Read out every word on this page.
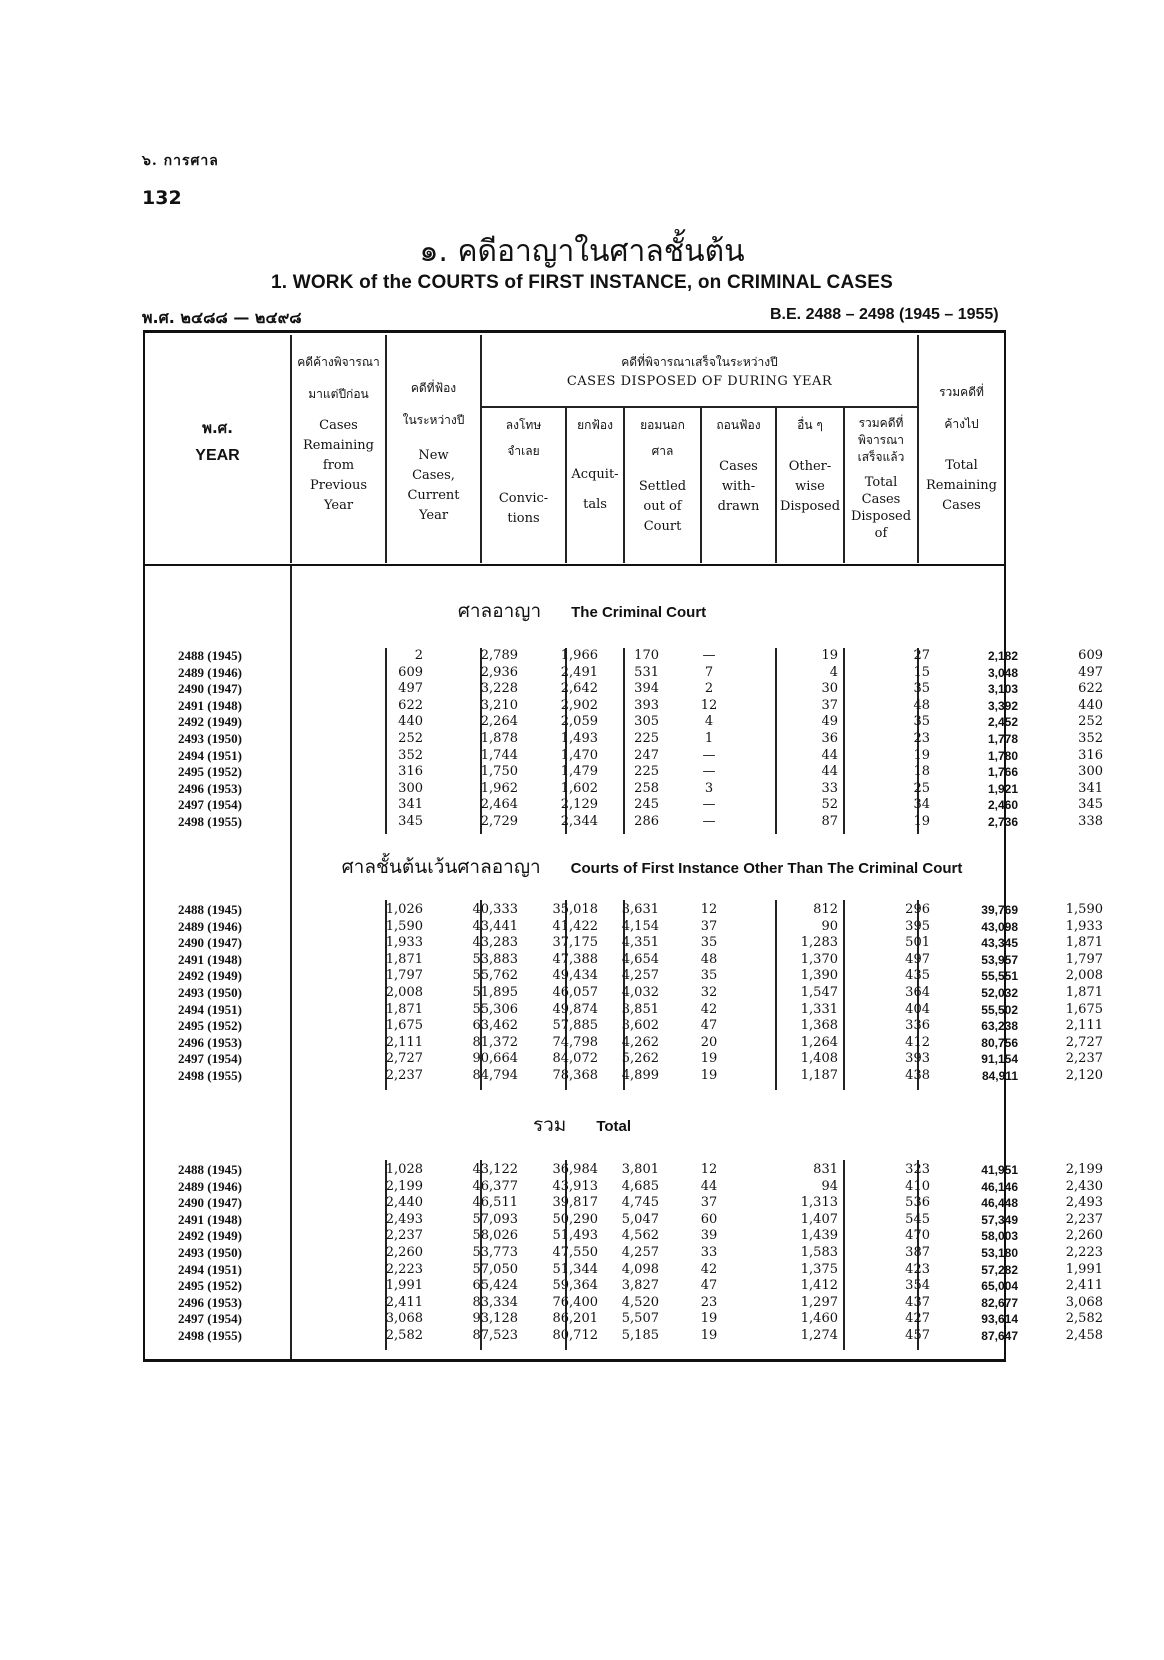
๖. การศาล
132
๑. คดีอาญาในศาลชั้นต้น
1. WORK of the COURTS of FIRST INSTANCE, on CRIMINAL CASES
พ.ศ. ๒๔๘๘ — ๒๔๙๘	B.E. 2488 – 2498 (1945 – 1955)
พ.ศ.
YEAR
คดีค้างพิจารณา
มาแต่ปีก่อน
Cases
Remaining
from
Previous
Year
คดีที่ฟ้อง
ในระหว่างปี
New
Cases,
Current
Year
คดีที่พิจารณาเสร็จในระหว่างปี
CASES DISPOSED OF DURING YEAR
ลงโทษ
จำเลย
Convic-
tions
ยกฟ้อง
Acquit-
tals
ยอมนอก
ศาล
Settled
out of
Court
ถอนฟ้อง
Cases
with-
drawn
อื่น ๆ
Other-
wise
Disposed
รวมคดีที่
พิจารณา
เสร็จแล้ว
Total
Cases
Disposed
of
รวมคดีที่
ค้างไป
Total
Remaining
Cases
ศาลอาญา The Criminal Court
ศาลชั้นต้นเว้นศาลอาญา Courts of First Instance Other Than The Criminal Court
รวม Total
2488 (1945)	2	2,789	1,966	170	—	19	27	2,182	609
2489 (1946)	609	2,936	2,491	531	7	4	15	3,048	497
2490 (1947)	497	3,228	2,642	394	2	30	35	3,103	622
2491 (1948)	622	3,210	2,902	393	12	37	48	3,392	440
2492 (1949)	440	2,264	2,059	305	4	49	35	2,452	252
2493 (1950)	252	1,878	1,493	225	1	36	23	1,778	352
2494 (1951)	352	1,744	1,470	247	—	44	19	1,780	316
2495 (1952)	316	1,750	1,479	225	—	44	18	1,766	300
2496 (1953)	300	1,962	1,602	258	3	33	25	1,921	341
2497 (1954)	341	2,464	2,129	245	—	52	34	2,460	345
2498 (1955)	345	2,729	2,344	286	—	87	19	2,736	338
2488 (1945)	1,026	40,333	35,018	3,631	12	812	296	39,769	1,590
2489 (1946)	1,590	43,441	41,422	4,154	37	90	395	43,098	1,933
2490 (1947)	1,933	43,283	37,175	4,351	35	1,283	501	43,345	1,871
2491 (1948)	1,871	53,883	47,388	4,654	48	1,370	497	53,957	1,797
2492 (1949)	1,797	55,762	49,434	4,257	35	1,390	435	55,551	2,008
2493 (1950)	2,008	51,895	46,057	4,032	32	1,547	364	52,032	1,871
2494 (1951)	1,871	55,306	49,874	3,851	42	1,331	404	55,502	1,675
2495 (1952)	1,675	63,462	57,885	3,602	47	1,368	336	63,238	2,111
2496 (1953)	2,111	81,372	74,798	4,262	20	1,264	412	80,756	2,727
2497 (1954)	2,727	90,664	84,072	5,262	19	1,408	393	91,154	2,237
2498 (1955)	2,237	84,794	78,368	4,899	19	1,187	438	84,911	2,120
2488 (1945)	1,028	43,122	36,984	3,801	12	831	323	41,951	2,199
2489 (1946)	2,199	46,377	43,913	4,685	44	94	410	46,146	2,430
2490 (1947)	2,440	46,511	39,817	4,745	37	1,313	536	46,448	2,493
2491 (1948)	2,493	57,093	50,290	5,047	60	1,407	545	57,349	2,237
2492 (1949)	2,237	58,026	51,493	4,562	39	1,439	470	58,003	2,260
2493 (1950)	2,260	53,773	47,550	4,257	33	1,583	387	53,180	2,223
2494 (1951)	2,223	57,050	51,344	4,098	42	1,375	423	57,282	1,991
2495 (1952)	1,991	65,424	59,364	3,827	47	1,412	354	65,004	2,411
2496 (1953)	2,411	83,334	76,400	4,520	23	1,297	437	82,677	3,068
2497 (1954)	3,068	93,128	86,201	5,507	19	1,460	427	93,614	2,582
2498 (1955)	2,582	87,523	80,712	5,185	19	1,274	457	87,647	2,458
